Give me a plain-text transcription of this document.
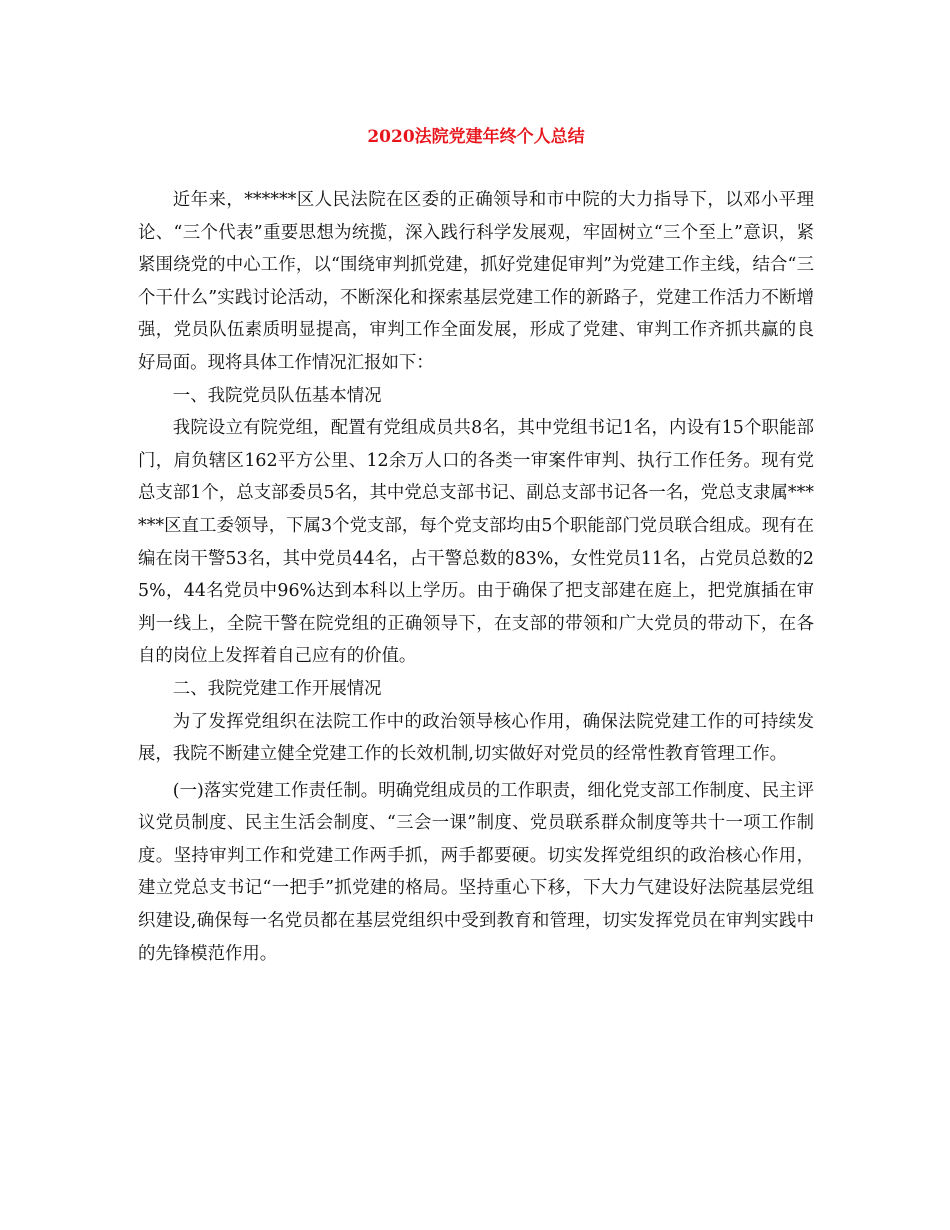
2020法院党建年终个人总结

近年来，******区人民法院在区委的正确领导和市中院的大力指导下，以邓小平理论、“三个代表”重要思想为统揽，深入践行科学发展观，牢固树立“三个至上”意识，紧紧围绕党的中心工作，以“围绕审判抓党建，抓好党建促审判”为党建工作主线，结合“三个干什么”实践讨论活动，不断深化和探索基层党建工作的新路子，党建工作活力不断增强，党员队伍素质明显提高，审判工作全面发展，形成了党建、审判工作齐抓共赢的良好局面。现将具体工作情况汇报如下：

一、我院党员队伍基本情况

我院设立有院党组，配置有党组成员共8名，其中党组书记1名，内设有15个职能部门，肩负辖区162平方公里、12余万人口的各类一审案件审判、执行工作任务。现有党总支部1个，总支部委员5名，其中党总支部书记、副总支部书记各一名，党总支隶属******区直工委领导，下属3个党支部，每个党支部均由5个职能部门党员联合组成。现有在编在岗干警53名，其中党员44名，占干警总数的83%，女性党员11名，占党员总数的25%，44名党员中96%达到本科以上学历。由于确保了把支部建在庭上，把党旗插在审判一线上，全院干警在院党组的正确领导下，在支部的带领和广大党员的带动下，在各自的岗位上发挥着自己应有的价值。

二、我院党建工作开展情况

为了发挥党组织在法院工作中的政治领导核心作用，确保法院党建工作的可持续发展，我院不断建立健全党建工作的长效机制,切实做好对党员的经常性教育管理工作。

(一)落实党建工作责任制。明确党组成员的工作职责，细化党支部工作制度、民主评议党员制度、民主生活会制度、“三会一课”制度、党员联系群众制度等共十一项工作制度。坚持审判工作和党建工作两手抓，两手都要硬。切实发挥党组织的政治核心作用，建立党总支书记“一把手”抓党建的格局。坚持重心下移，下大力气建设好法院基层党组织建设,确保每一名党员都在基层党组织中受到教育和管理，切实发挥党员在审判实践中的先锋模范作用。
